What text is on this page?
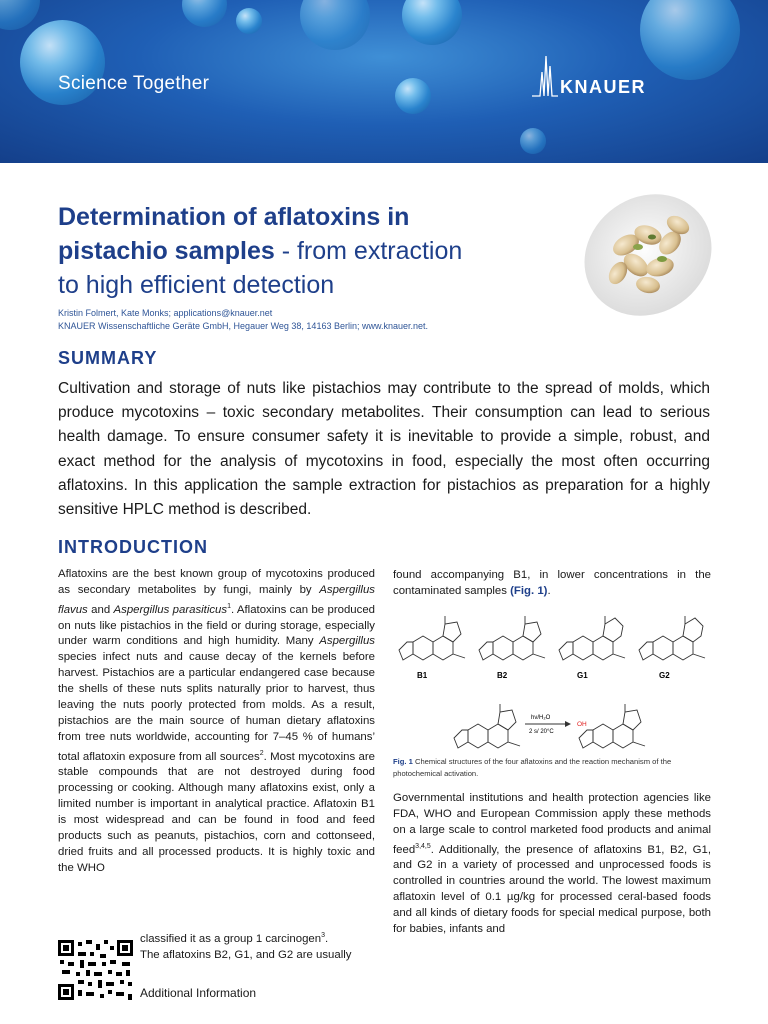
Science Together	KNAUER
Determination of aflatoxins in
pistachio samples - from extraction
to high efficient detection
Kristin Folmert, Kate Monks; applications@knauer.net
KNAUER Wissenschaftliche Geräte GmbH, Hegauer Weg 38, 14163 Berlin; www.knauer.net.
SUMMARY
Cultivation and storage of nuts like pistachios may contribute to the spread of molds, which produce mycotoxins – toxic secondary metabolites. Their consumption can lead to serious health damage. To ensure consumer safety it is inevitable to provide a simple, robust, and exact method for the analysis of mycotoxins in food, especially the most often occurring aflatoxins. In this application the sample extraction for pistachios as preparation for a highly sensitive HPLC method is described.
INTRODUCTION

Aflatoxins are the best known group of mycotoxins produced as secondary metabolites by fungi, mainly by Aspergillus flavus and Aspergillus parasiticus$^1$. Aflatoxins can be produced on nuts like pistachios in the field or during storage, especially under warm conditions and high humidity. Many Aspergillus species infect nuts and cause decay of the kernels before harvest. Pistachios are a particular endangered case because the shells of these nuts splits naturally prior to harvest, thus leaving the nuts poorly protected from molds. As a result, pistachios are the main source of human dietary aflatoxins from tree nuts worldwide, accounting for 7–45 % of humans’ total aflatoxin exposure from all sources$^2$. Most mycotoxins are stable compounds that are not destroyed during food processing or cooking. Although many aflatoxins exist, only a limited number is important in analytical practice. Aflatoxin B1 is most widespread and can be found in food and feed products such as peanuts, pistachios, corn and cottonseed, dried fruits and all processed products. It is highly toxic and the WHO

classified it as a group 1 carcinogen$^3$.

The aflatoxins B2, G1, and G2 are usually

found accompanying B1, in lower concentrations in the contaminated samples (Fig. 1).

B1	B2	G1	G2
hν/H₂O
2 s/ 20°C
OH
Fig. 1 Chemical structures of the four aflatoxins and the reaction mechanism of the photochemical activation.

Governmental institutions and health protection agencies like FDA, WHO and European Commission apply these methods on a large scale to control marketed food products and animal feed$^{3,4,5}$. Additionally, the presence of aflatoxins B1, B2, G1, and G2 in a variety of processed and unprocessed foods is controlled in countries around the world. The lowest maximum aflatoxin level of 0.1 µg/kg for processed ceral-based foods and all kinds of dietary foods for special medical purpose, both for babies, infants and

Additional Information
